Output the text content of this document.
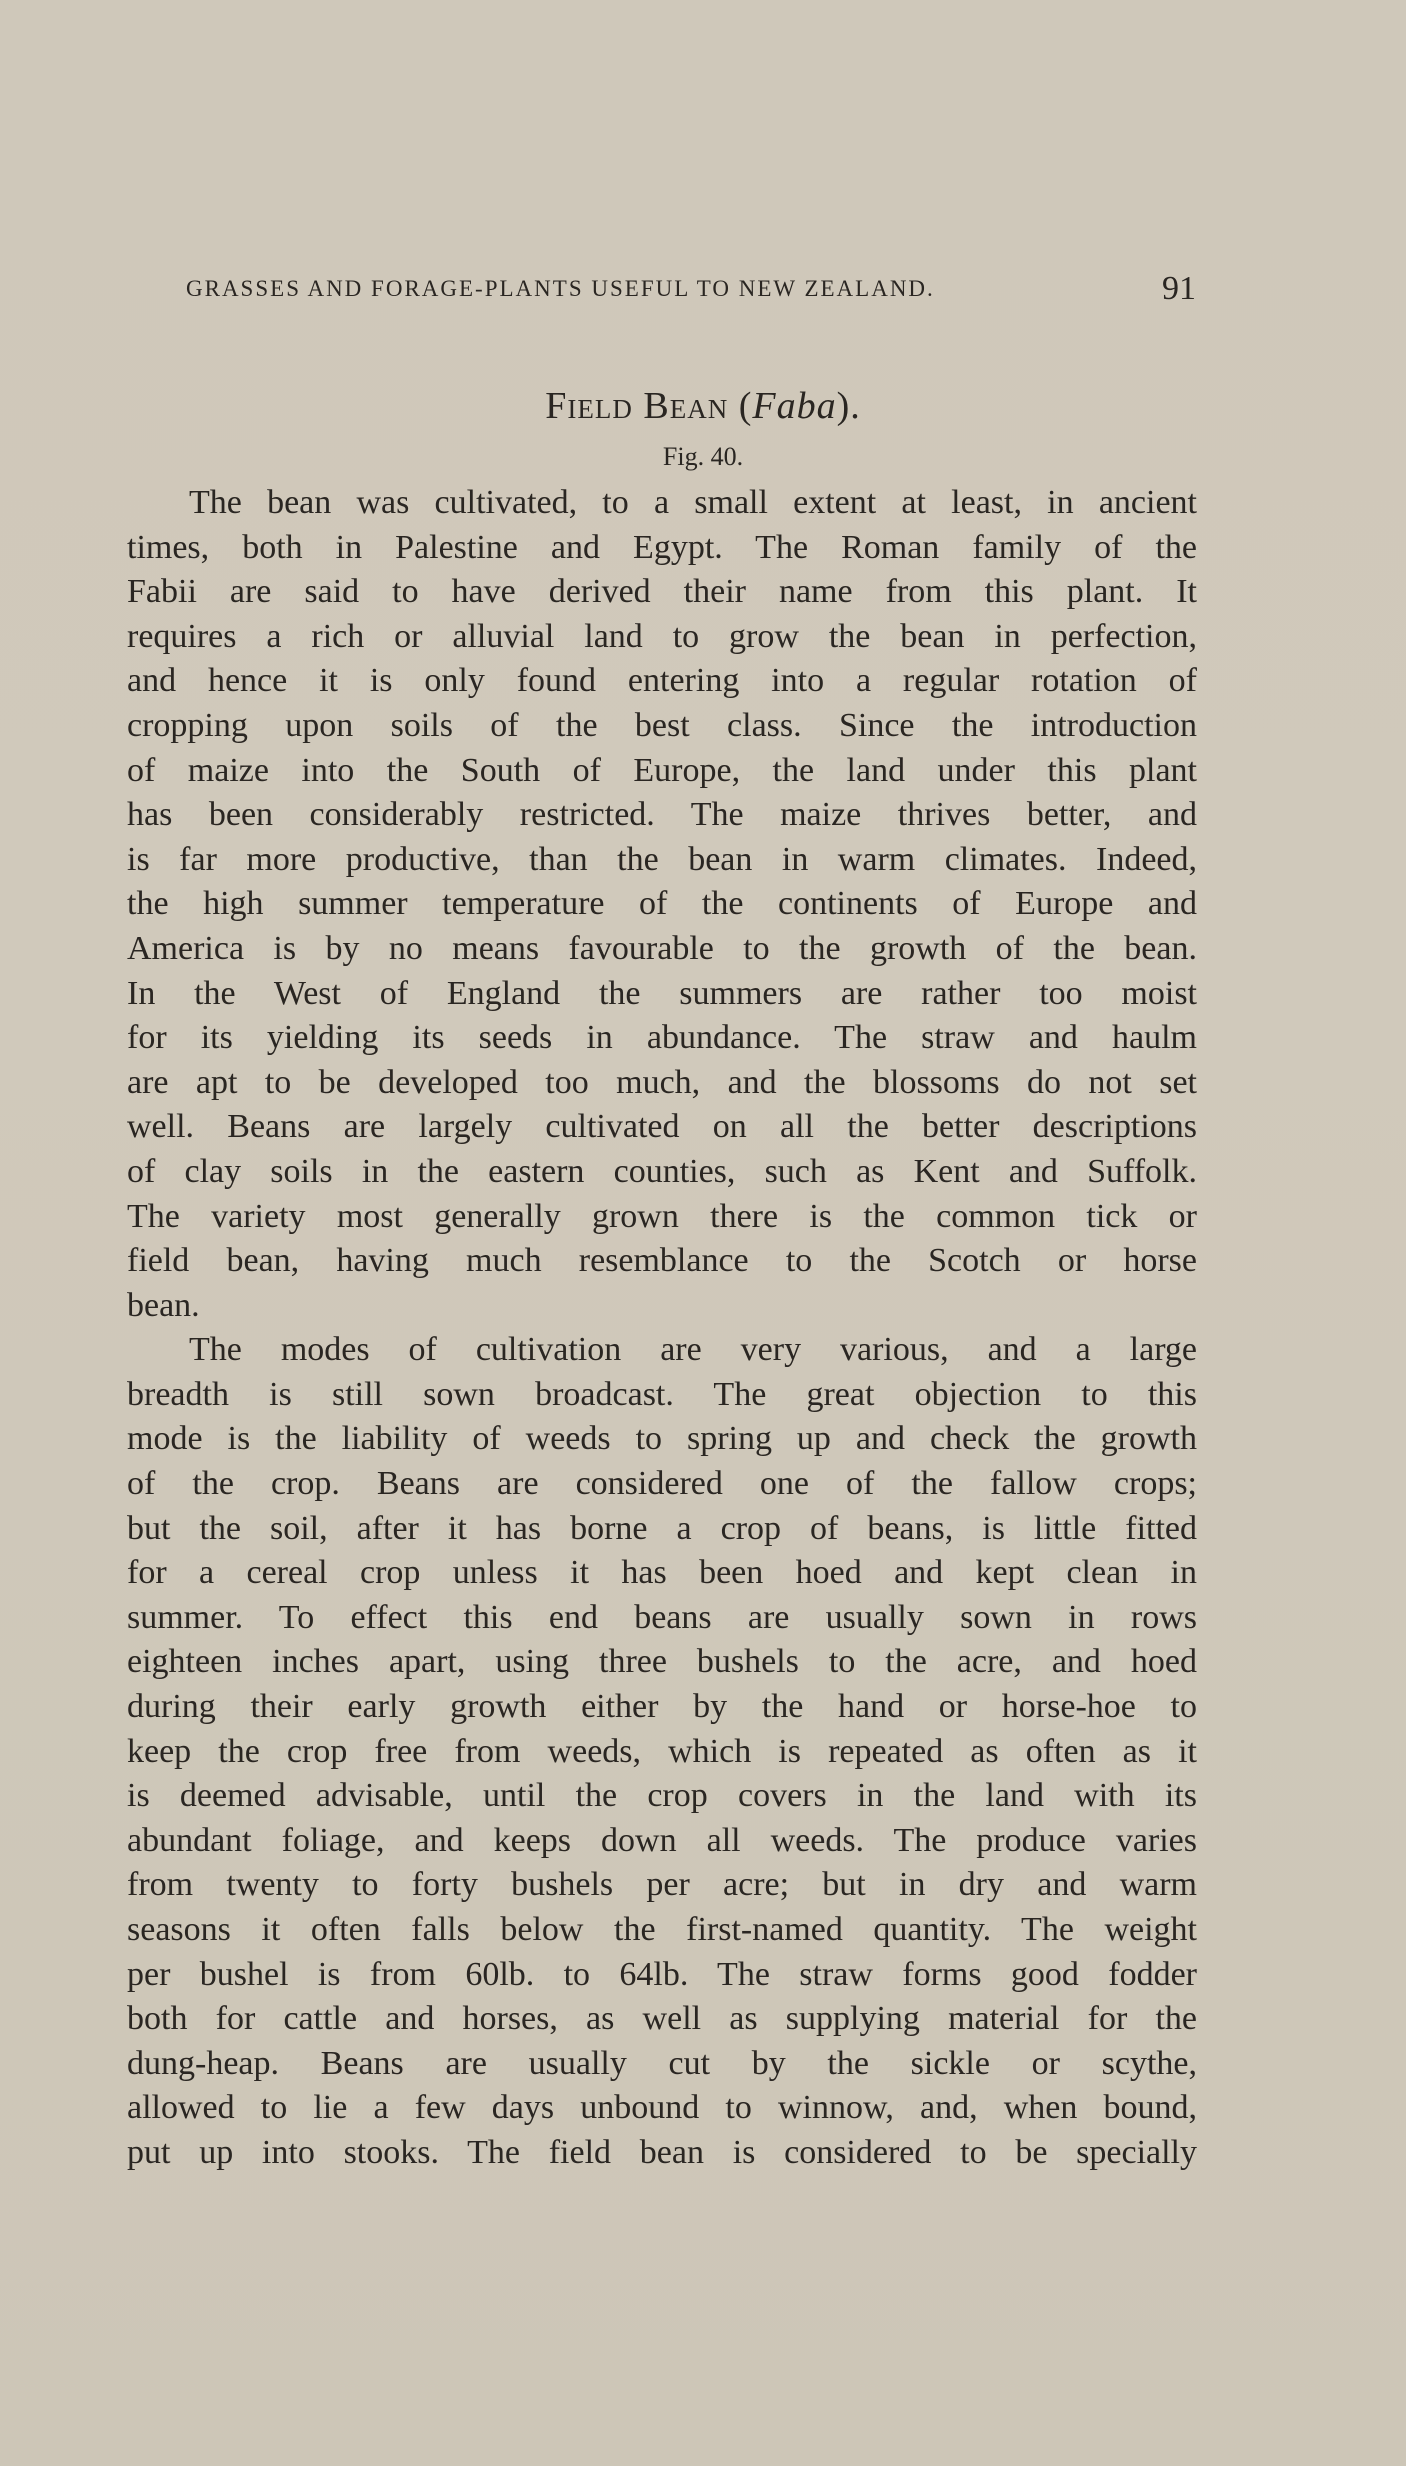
GRASSES AND FORAGE-PLANTS USEFUL TO NEW ZEALAND.	91
Field Bean (Faba).
Fig. 40.
The bean was cultivated, to a small extent at least, in ancient
times, both in Palestine and Egypt. The Roman family of the
Fabii are said to have derived their name from this plant. It
requires a rich or alluvial land to grow the bean in perfection,
and hence it is only found entering into a regular rotation of
cropping upon soils of the best class. Since the introduction
of maize into the South of Europe, the land under this plant
has been considerably restricted. The maize thrives better, and
is far more productive, than the bean in warm climates. Indeed,
the high summer temperature of the continents of Europe and
America is by no means favourable to the growth of the bean.
In the West of England the summers are rather too moist
for its yielding its seeds in abundance. The straw and haulm
are apt to be developed too much, and the blossoms do not set
well. Beans are largely cultivated on all the better descriptions
of clay soils in the eastern counties, such as Kent and Suffolk.
The variety most generally grown there is the common tick or
field bean, having much resemblance to the Scotch or horse
bean.
The modes of cultivation are very various, and a large
breadth is still sown broadcast. The great objection to this
mode is the liability of weeds to spring up and check the growth
of the crop. Beans are considered one of the fallow crops;
but the soil, after it has borne a crop of beans, is little fitted
for a cereal crop unless it has been hoed and kept clean in
summer. To effect this end beans are usually sown in rows
eighteen inches apart, using three bushels to the acre, and hoed
during their early growth either by the hand or horse-hoe to
keep the crop free from weeds, which is repeated as often as it
is deemed advisable, until the crop covers in the land with its
abundant foliage, and keeps down all weeds. The produce varies
from twenty to forty bushels per acre; but in dry and warm
seasons it often falls below the first-named quantity. The weight
per bushel is from 60lb. to 64lb. The straw forms good fodder
both for cattle and horses, as well as supplying material for the
dung-heap. Beans are usually cut by the sickle or scythe,
allowed to lie a few days unbound to winnow, and, when bound,
put up into stooks. The field bean is considered to be specially
